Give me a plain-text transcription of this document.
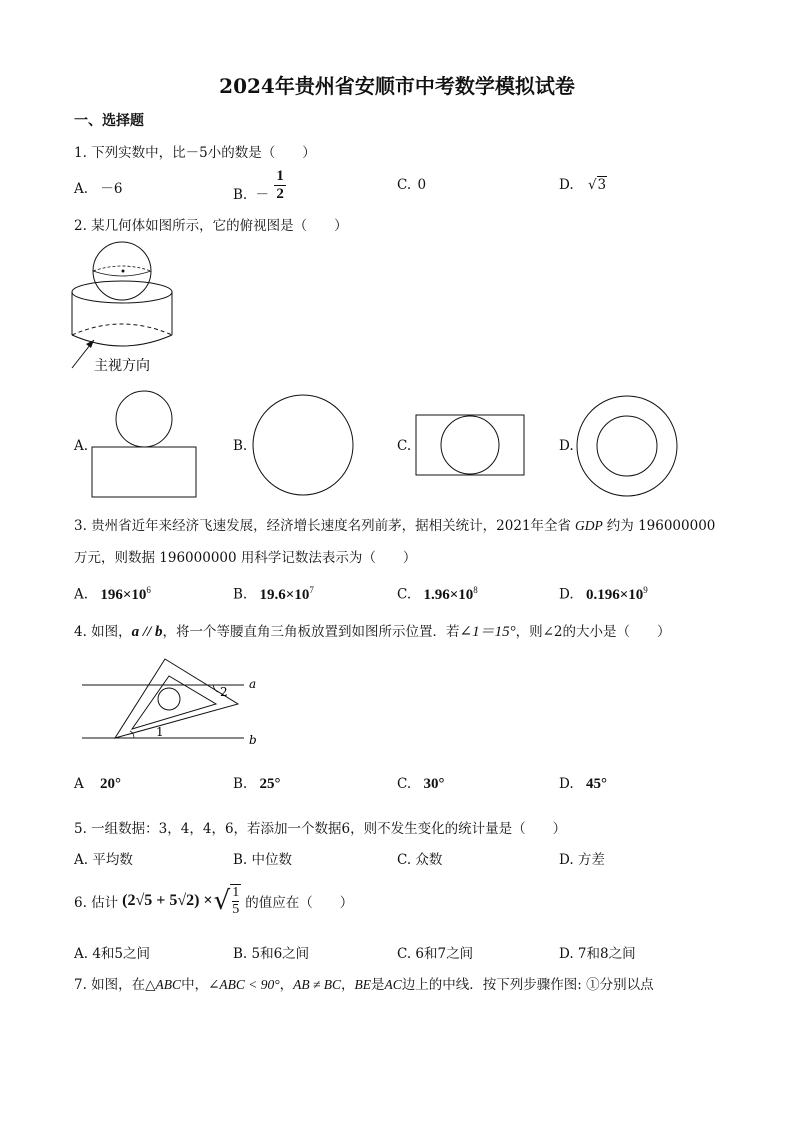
2024年贵州省安顺市中考数学模拟试卷
一、选择题
1. 下列实数中，比－5小的数是（　　）
A. －6	B. － $\frac{1}{2}$	C. 0	D. √3
2. 某几何体如图所示，它的俯视图是（　　）
主视方向
A.	B.	C.	D.
3. 贵州省近年来经济飞速发展，经济增长速度名列前茅，据相关统计，2021年全省 GDP 约为 196000000
万元，则数据 196000000 用科学记数法表示为（　　）
A. $196\times 10^6$	B. $19.6\times 10^7$	C. $1.96\times 10^8$	D. $0.196\times 10^9$
4. 如图，a // b，将一个等腰直角三角板放置到如图所示位置．若∠1＝15°，则∠2的大小是（　　）
1
2
a
b
A 20°	B. 25°	C. 30°	D. 45°
5. 一组数据：3，4，4，6，若添加一个数据6，则不发生变化的统计量是（　　）
A. 平均数	B. 中位数	C. 众数	D. 方差
6. 估计 (2√5 + 5√2) × √ $\frac{1}{5}$ 的值应在（　　）
A. 4和5之间	B. 5和6之间	C. 6和7之间	D. 7和8之间
7. 如图，在△ABC中，∠ABC < 90°，AB ≠ BC，BE是AC边上的中线．按下列步骤作图: ①分别以点
